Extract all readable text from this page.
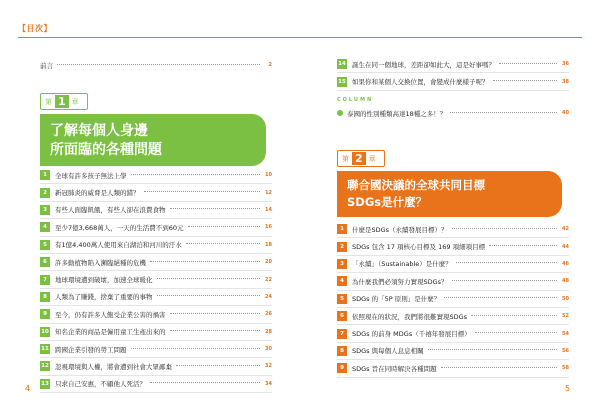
【目次】
前言	2
第 1 章
了解每個人身邊
所面臨的各種問題
1	全球有許多孩子無法上學	10
2	新冠肺炎的威脅是人類的錯？	12
3	有些人面臨飢餓，有些人卻在浪費食物	14
4	至少7億3,668萬人，一天的生活費不到60元	16
5	有1億4,400萬人使用來自湖泊和河川的汙水	18
6	許多動植物陷入瀕臨絕種的危機	20
7	地球環境遭到破壞，加速全球暖化	22
8	人類為了賺錢，捨棄了重要的事物	24
9	至今，仍有許多人飽受企業公害的禍害	26
10 知名企業的商品是僱用童工生產出來的	28
11 跨國企業引發的勞工問題	30
12 忽視環境與人權，將會遭到社會大眾鄙棄	32
13 只求自己安惠，不顧他人死活？	34
4
14 誕生在同一個地球，差距卻如此大，這是好事嗎？	36
15 如果你和某個人交換位置，會變成什麼樣子呢？	38
COLUMN
泰國的性別種類高達18種之多！？	40
第 2 章
聯合國決議的全球共同目標
SDGs是什麼？
1	什麼是SDGs（永續發展目標）？	42
2	SDGs 包含 17 項核心目標及 169 項細項目標	44
3	「永續」（Sustainable）是什麼？	46
4	為什麼我們必須努力實現SDGs？	48
5	SDGs 的「5P 原則」是什麼？	50
6	依照現在的狀況，我們將很難實現SDGs	52
7	SDGs 的前身 MDGs（千禧年發展目標）	54
8	SDGs 與每個人息息相關	56
9	SDGs 旨在同時解決各種問題	58
5
